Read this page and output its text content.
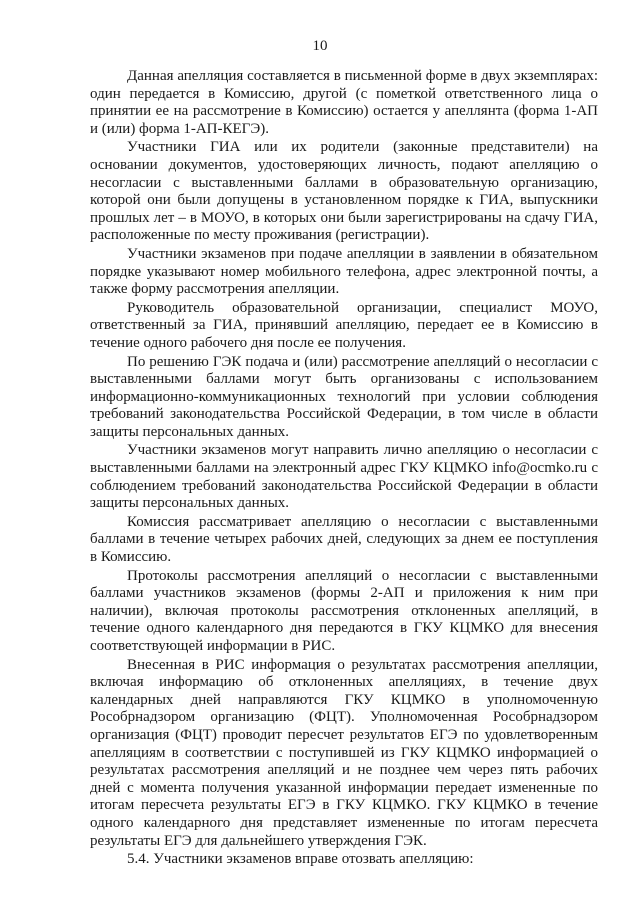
10

Данная апелляция составляется в письменной форме в двух экземплярах: один передается в Комиссию, другой (с пометкой ответственного лица о принятии ее на рассмотрение в Комиссию) остается у апеллянта (форма 1-АП и (или) форма 1-АП-КЕГЭ).

Участники ГИА или их родители (законные представители) на основании документов, удостоверяющих личность, подают апелляцию о несогласии с выставленными баллами в образовательную организацию, которой они были допущены в установленном порядке к ГИА, выпускники прошлых лет – в МОУО, в которых они были зарегистрированы на сдачу ГИА, расположенные по месту проживания (регистрации).

Участники экзаменов при подаче апелляции в заявлении в обязательном порядке указывают номер мобильного телефона, адрес электронной почты, а также форму рассмотрения апелляции.

Руководитель образовательной организации, специалист МОУО, ответственный за ГИА, принявший апелляцию, передает ее в Комиссию в течение одного рабочего дня после ее получения.

По решению ГЭК подача и (или) рассмотрение апелляций о несогласии с выставленными баллами могут быть организованы с использованием информационно-коммуникационных технологий при условии соблюдения требований законодательства Российской Федерации, в том числе в области защиты персональных данных.

Участники экзаменов могут направить лично апелляцию о несогласии с выставленными баллами на электронный адрес ГКУ КЦМКО info@ocmko.ru с соблюдением требований законодательства Российской Федерации в области защиты персональных данных.

Комиссия рассматривает апелляцию о несогласии с выставленными баллами в течение четырех рабочих дней, следующих за днем ее поступления в Комиссию.

Протоколы рассмотрения апелляций о несогласии с выставленными баллами участников экзаменов (формы 2-АП и приложения к ним при наличии), включая протоколы рассмотрения отклоненных апелляций, в течение одного календарного дня передаются в ГКУ КЦМКО для внесения соответствующей информации в РИС.

Внесенная в РИС информация о результатах рассмотрения апелляции, включая информацию об отклоненных апелляциях, в течение двух календарных дней направляются ГКУ КЦМКО в уполномоченную Рособрнадзором организацию (ФЦТ). Уполномоченная Рособрнадзором организация (ФЦТ) проводит пересчет результатов ЕГЭ по удовлетворенным апелляциям в соответствии с поступившей из ГКУ КЦМКО информацией о результатах рассмотрения апелляций и не позднее чем через пять рабочих дней с момента получения указанной информации передает измененные по итогам пересчета результаты ЕГЭ в ГКУ КЦМКО. ГКУ КЦМКО в течение одного календарного дня представляет измененные по итогам пересчета результаты ЕГЭ для дальнейшего утверждения ГЭК.

5.4. Участники экзаменов вправе отозвать апелляцию:
